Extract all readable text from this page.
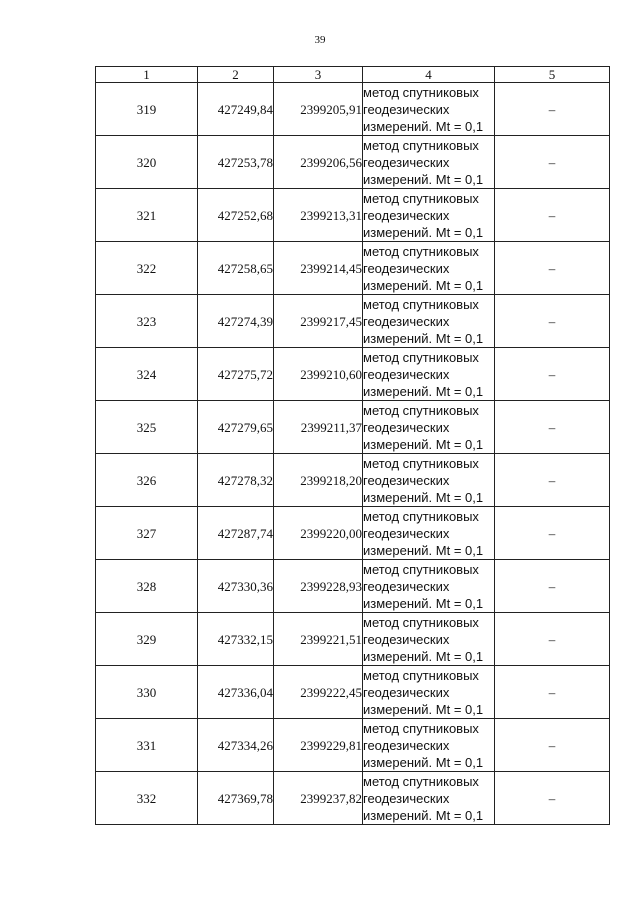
39
1	2	3	4	5
319	427249,84	2399205,91	метод спутниковых
геодезических
измерений. Mt = 0,1	–
320	427253,78	2399206,56	метод спутниковых
геодезических
измерений. Mt = 0,1	–
321	427252,68	2399213,31	метод спутниковых
геодезических
измерений. Mt = 0,1	–
322	427258,65	2399214,45	метод спутниковых
геодезических
измерений. Mt = 0,1	–
323	427274,39	2399217,45	метод спутниковых
геодезических
измерений. Mt = 0,1	–
324	427275,72	2399210,60	метод спутниковых
геодезических
измерений. Mt = 0,1	–
325	427279,65	2399211,37	метод спутниковых
геодезических
измерений. Mt = 0,1	–
326	427278,32	2399218,20	метод спутниковых
геодезических
измерений. Mt = 0,1	–
327	427287,74	2399220,00	метод спутниковых
геодезических
измерений. Mt = 0,1	–
328	427330,36	2399228,93	метод спутниковых
геодезических
измерений. Mt = 0,1	–
329	427332,15	2399221,51	метод спутниковых
геодезических
измерений. Mt = 0,1	–
330	427336,04	2399222,45	метод спутниковых
геодезических
измерений. Mt = 0,1	–
331	427334,26	2399229,81	метод спутниковых
геодезических
измерений. Mt = 0,1	–
332	427369,78	2399237,82	метод спутниковых
геодезических
измерений. Mt = 0,1	–
